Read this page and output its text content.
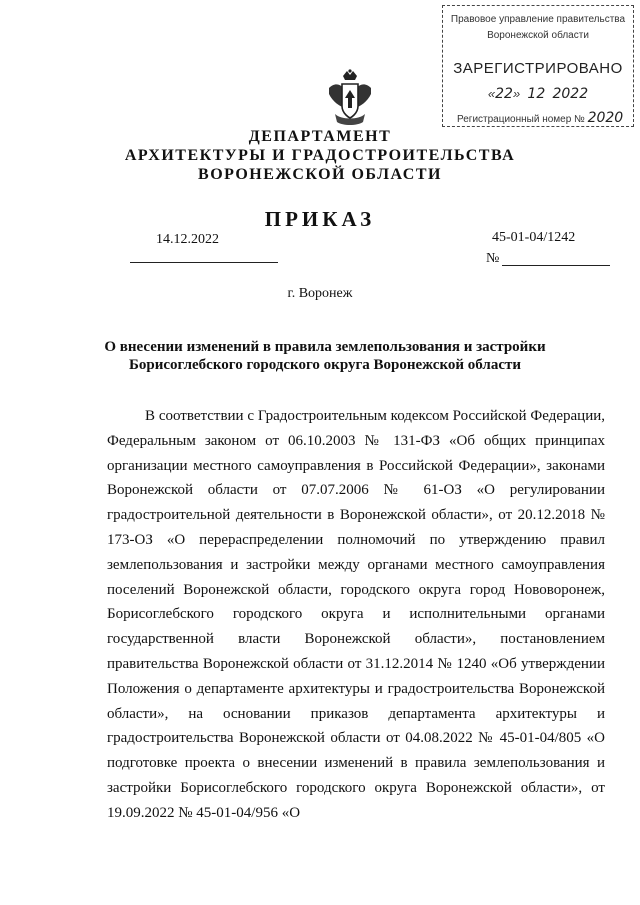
Правовое управление правительства
Воронежской области
ЗАРЕГИСТРИРОВАНО
«22»  12 2022
Регистрационный номер № 2020
ДЕПАРТАМЕНТ
АРХИТЕКТУРЫ И ГРАДОСТРОИТЕЛЬСТВА
ВОРОНЕЖСКОЙ ОБЛАСТИ
ПРИКАЗ
14.12.2022	45-01-04/1242
№
г. Воронеж
О внесении изменений в правила землепользования и застройки Борисоглебского городского округа Воронежской области

В соответствии с Градостроительным кодексом Российской Федерации, Федеральным законом от 06.10.2003 № 131-ФЗ «Об общих принципах организации местного самоуправления в Российской Федерации», законами Воронежской области от 07.07.2006 № 61-ОЗ «О регулировании градостроительной деятельности в Воронежской области», от 20.12.2018 № 173-ОЗ «О перераспределении полномочий по утверждению правил землепользования и застройки между органами местного самоуправления поселений Воронежской области, городского округа город Нововоронеж, Борисоглебского городского округа и исполнительными органами государственной власти Воронежской области», постановлением правительства Воронежской области от 31.12.2014 № 1240 «Об утверждении Положения о департаменте архитектуры и градостроительства Воронежской области», на основании приказов департамента архитектуры и градостроительства Воронежской области от 04.08.2022 № 45-01-04/805 «О подготовке проекта о внесении изменений в правила землепользования и застройки Борисоглебского городского округа Воронежской области», от 19.09.2022 № 45-01-04/956 «О
